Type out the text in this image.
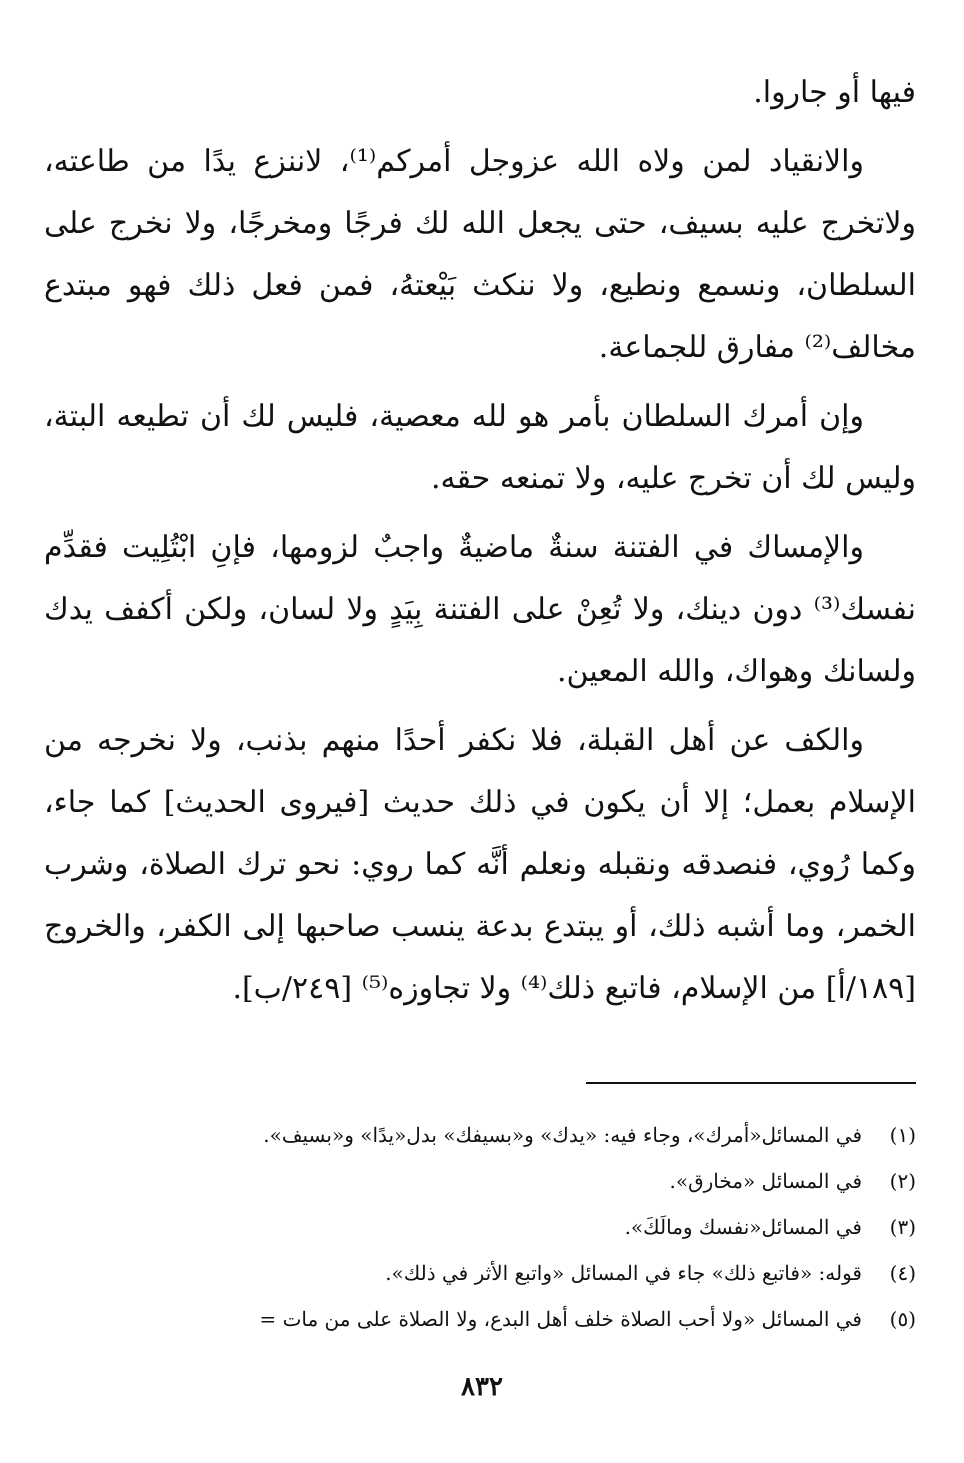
فيها أو جاروا.

والانقياد لمن ولاه الله عزوجل أمركم⁽¹⁾، لاننزع يدًا من طاعته، ولاتخرج عليه بسيف، حتى يجعل الله لك فرجًا ومخرجًا، ولا نخرج على السلطان، ونسمع ونطيع، ولا ننكث بَيْعتهُ، فمن فعل ذلك فهو مبتدع مخالف⁽²⁾ مفارق للجماعة.

وإن أمرك السلطان بأمر هو لله معصية، فليس لك أن تطيعه البتة، وليس لك أن تخرج عليه، ولا تمنعه حقه.

والإمساك في الفتنة سنةٌ ماضيةٌ واجبٌ لزومها، فإنِ ابْتُلِيت فقدِّم نفسك⁽³⁾ دون دينك، ولا تُعِنْ على الفتنة بِيَدٍ ولا لسان، ولكن أكفف يدك ولسانك وهواك، والله المعين.

والكف عن أهل القبلة، فلا نكفر أحدًا منهم بذنب، ولا نخرجه من الإسلام بعمل؛ إلا أن يكون في ذلك حديث [فيروى الحديث] كما جاء، وكما رُوي، فنصدقه ونقبله ونعلم أنَّه كما روي: نحو ترك الصلاة، وشرب الخمر، وما أشبه ذلك، أو يبتدع بدعة ينسب صاحبها إلى الكفر، والخروج [١٨٩/أ] من الإسلام، فاتبع ذلك⁽⁴⁾ ولا تجاوزه⁽⁵⁾ [٢٤٩/ب].

(١)
في المسائل«أمرك»، وجاء فيه: «يدك» و«بسيفك» بدل«يدًا» و«بسيف».
(٢)
في المسائل «مخارق».
(٣)
في المسائل«نفسك ومالَكَ».
(٤)
قوله: «فاتبع ذلك» جاء في المسائل «واتبع الأثر في ذلك».
(٥)
في المسائل «ولا أحب الصلاة خلف أهل البدع، ولا الصلاة على من مات =
٨٣٢
